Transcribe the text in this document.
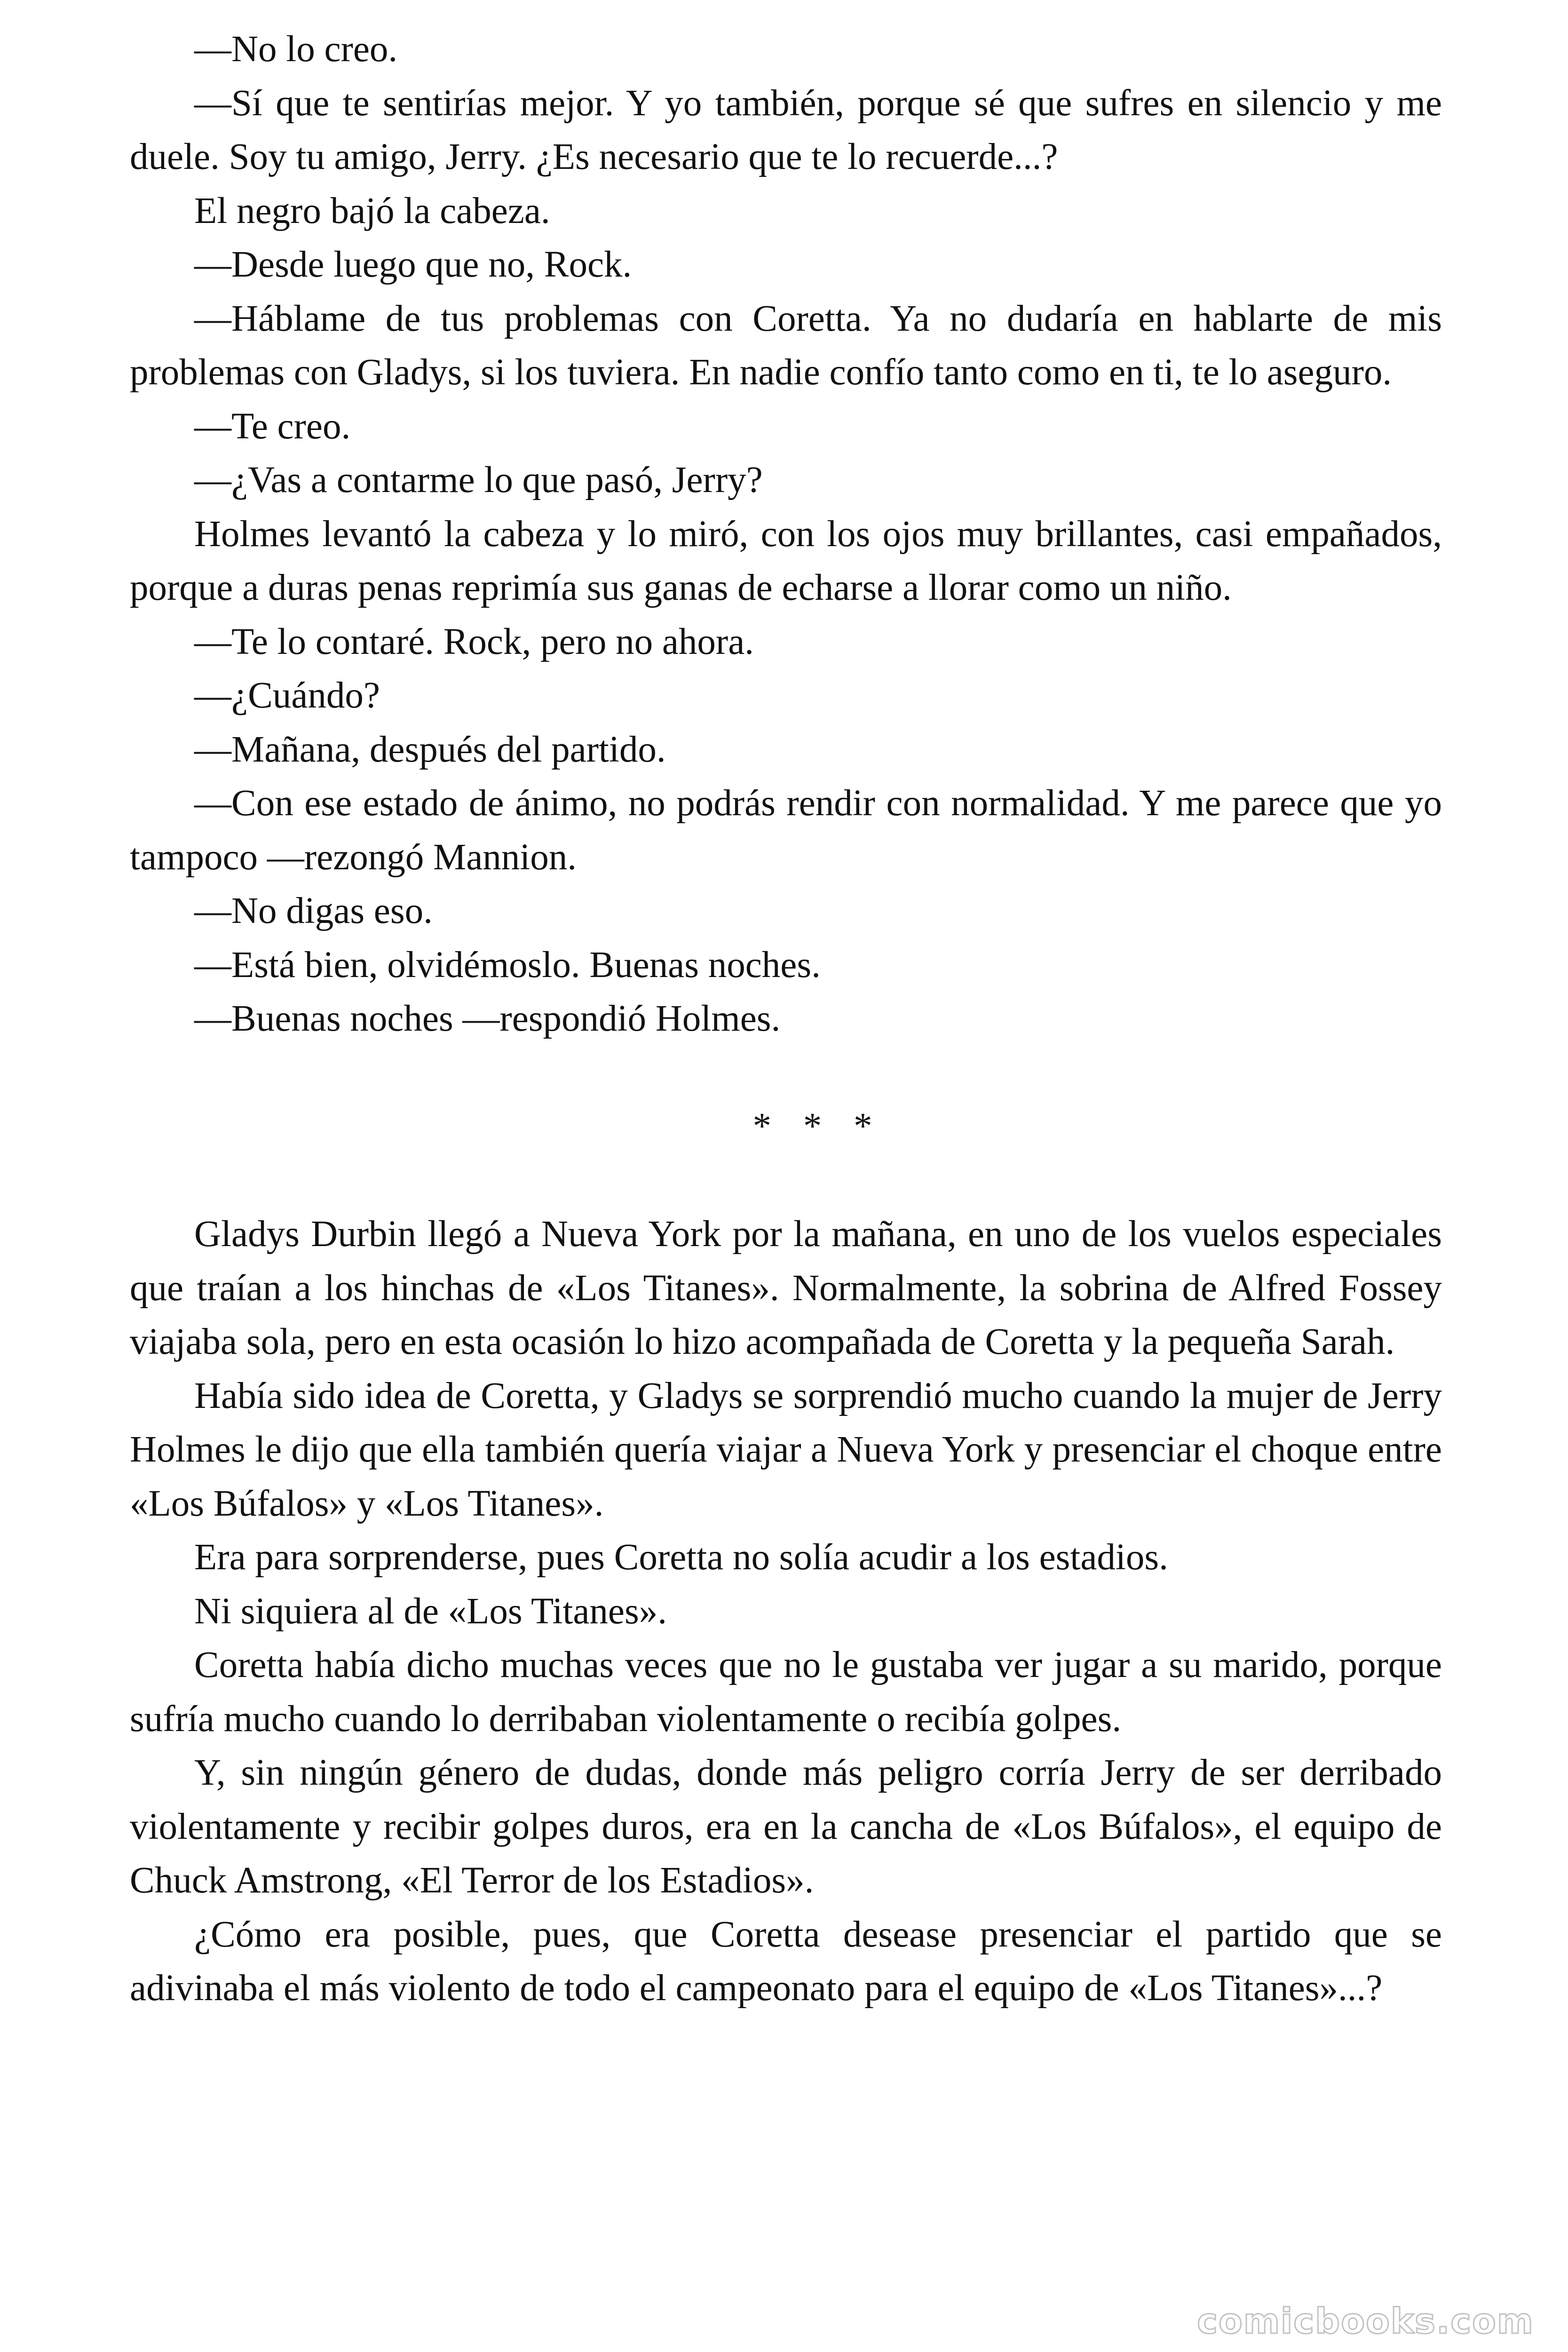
—No lo creo.

—Sí que te sentirías mejor. Y yo también, porque sé que sufres en silencio y me duele. Soy tu amigo, Jerry. ¿Es necesario que te lo recuerde...?

El negro bajó la cabeza.

—Desde luego que no, Rock.

—Háblame de tus problemas con Coretta. Ya no dudaría en hablarte de mis problemas con Gladys, si los tuviera. En nadie confío tanto como en ti, te lo aseguro.

—Te creo.

—¿Vas a contarme lo que pasó, Jerry?

Holmes levantó la cabeza y lo miró, con los ojos muy brillantes, casi empañados, porque a duras penas reprimía sus ganas de echarse a llorar como un niño.

—Te lo contaré. Rock, pero no ahora.

—¿Cuándo?

—Mañana, después del partido.

—Con ese estado de ánimo, no podrás rendir con normalidad. Y me parece que yo tampoco —rezongó Mannion.

—No digas eso.

—Está bien, olvidémoslo. Buenas noches.

—Buenas noches —respondió Holmes.

* * *

Gladys Durbin llegó a Nueva York por la mañana, en uno de los vuelos especiales que traían a los hinchas de «Los Titanes». Normalmente, la sobrina de Alfred Fossey viajaba sola, pero en esta ocasión lo hizo acompañada de Coretta y la pequeña Sarah.

Había sido idea de Coretta, y Gladys se sorprendió mucho cuando la mujer de Jerry Holmes le dijo que ella también quería viajar a Nueva York y presenciar el choque entre «Los Búfalos» y «Los Titanes».

Era para sorprenderse, pues Coretta no solía acudir a los estadios.

Ni siquiera al de «Los Titanes».

Coretta había dicho muchas veces que no le gustaba ver jugar a su marido, porque sufría mucho cuando lo derribaban violentamente o recibía golpes.

Y, sin ningún género de dudas, donde más peligro corría Jerry de ser derribado violentamente y recibir golpes duros, era en la cancha de «Los Búfalos», el equipo de Chuck Amstrong, «El Terror de los Estadios».

¿Cómo era posible, pues, que Coretta desease presenciar el partido que se adivinaba el más violento de todo el campeonato para el equipo de «Los Titanes»...?

comicbooks.com
